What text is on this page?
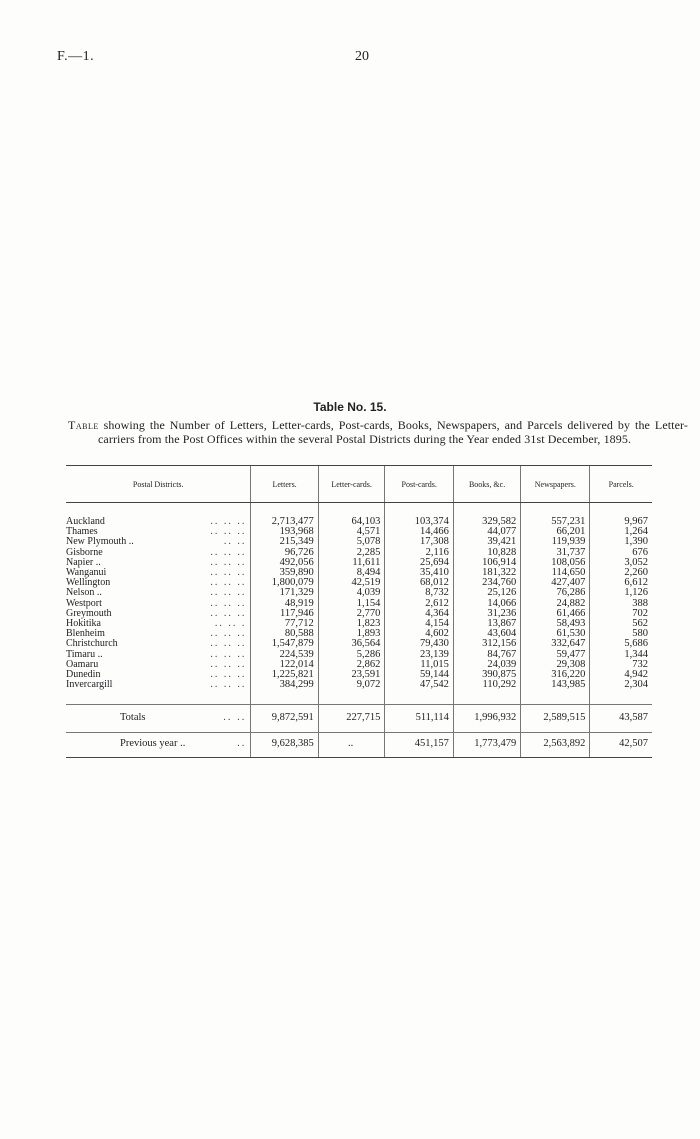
F.—1.	20
Table No. 15.
Table showing the Number of Letters, Letter-cards, Post-cards, Books, Newspapers, and Parcels delivered by the Letter-carriers from the Post Offices within the several Postal Districts during the Year ended 31st December, 1895.
Postal Districts.	Letters.	Letter-cards.	Post-cards.	Books, &c.	Newspapers.	Parcels.

Auckland .. .. ..	2,713,477	64,103	103,374	329,582	557,231	9,967
Thames .. .. ..	193,968	4,571	14,466	44,077	66,201	1,264
New Plymouth .. .. ..	215,349	5,078	17,308	39,421	119,939	1,390
Gisborne .. .. ..	96,726	2,285	2,116	10,828	31,737	676
Napier .. .. .. ..	492,056	11,611	25,694	106,914	108,056	3,052
Wanganui .. .. ..	359,890	8,494	35,410	181,322	114,650	2,260
Wellington .. .. ..	1,800,079	42,519	68,012	234,760	427,407	6,612
Nelson .. .. .. ..	171,329	4,039	8,732	25,126	76,286	1,126
Westport .. .. ..	48,919	1,154	2,612	14,066	24,882	388
Greymouth .. .. ..	117,946	2,770	4,364	31,236	61,466	702
Hokitika .. .. .	77,712	1,823	4,154	13,867	58,493	562
Blenheim .. .. ..	80,588	1,893	4,602	43,604	61,530	580
Christchurch .. .. ..	1,547,879	36,564	79,430	312,156	332,647	5,686
Timaru .. .. .. ..	224,539	5,286	23,139	84,767	59,477	1,344
Oamaru .. .. ..	122,014	2,862	11,015	24,039	29,308	732
Dunedin .. .. ..	1,225,821	23,591	59,144	390,875	316,220	4,942
Invercargill .. .. ..	384,299	9,072	47,542	110,292	143,985	2,304

Totals .. ..	9,872,591	227,715	511,114	1,996,932	2,589,515	43,587
Previous year .. ..	9,628,385	..	451,157	1,773,479	2,563,892	42,507
